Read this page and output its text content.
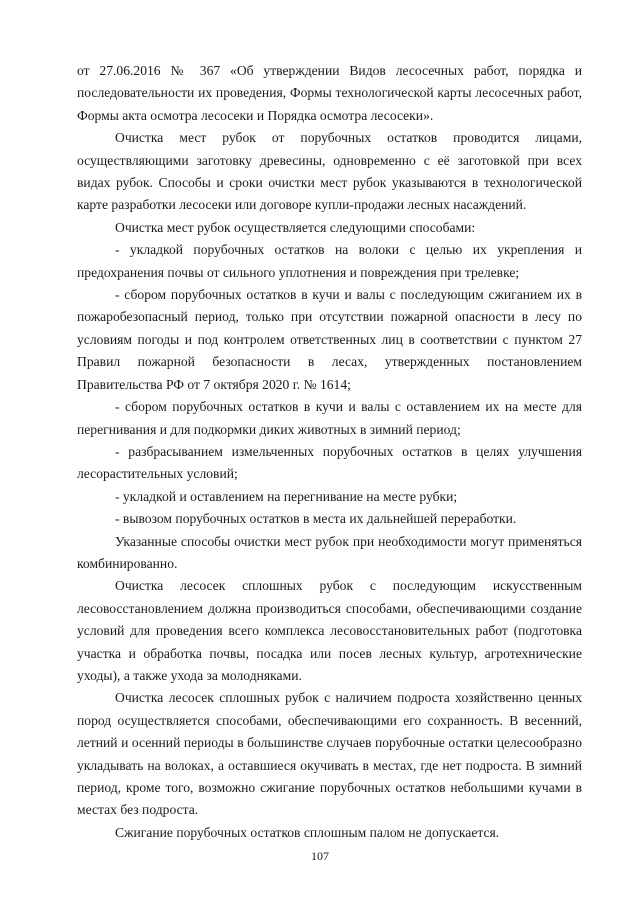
от 27.06.2016 № 367 «Об утверждении Видов лесосечных работ, порядка и последовательности их проведения, Формы технологической карты лесосечных работ, Формы акта осмотра лесосеки и Порядка осмотра лесосеки».

Очистка мест рубок от порубочных остатков проводится лицами, осуществляющими заготовку древесины, одновременно с её заготовкой при всех видах рубок. Способы и сроки очистки мест рубок указываются в технологической карте разработки лесосеки или договоре купли-продажи лесных насаждений.

Очистка мест рубок осуществляется следующими способами:

- укладкой порубочных остатков на волоки с целью их укрепления и предохранения почвы от сильного уплотнения и повреждения при трелевке;

- сбором порубочных остатков в кучи и валы с последующим сжиганием их в пожаробезопасный период, только при отсутствии пожарной опасности в лесу по условиям погоды и под контролем ответственных лиц в соответствии с пунктом 27 Правил пожарной безопасности в лесах, утвержденных постановлением Правительства РФ от 7 октября 2020 г. № 1614;

- сбором порубочных остатков в кучи и валы с оставлением их на месте для перегнивания и для подкормки диких животных в зимний период;

- разбрасыванием измельченных порубочных остатков в целях улучшения лесорастительных условий;

- укладкой и оставлением на перегнивание на месте рубки;

- вывозом порубочных остатков в места их дальнейшей переработки.

Указанные способы очистки мест рубок при необходимости могут применяться комбинированно.

Очистка лесосек сплошных рубок с последующим искусственным лесовосстановлением должна производиться способами, обеспечивающими создание условий для проведения всего комплекса лесовосстановительных работ (подготовка участка и обработка почвы, посадка или посев лесных культур, агротехнические уходы), а также ухода за молодняками.

Очистка лесосек сплошных рубок с наличием подроста хозяйственно ценных пород осуществляется способами, обеспечивающими его сохранность. В весенний, летний и осенний периоды в большинстве случаев порубочные остатки целесообразно укладывать на волоках, а оставшиеся окучивать в местах, где нет подроста. В зимний период, кроме того, возможно сжигание порубочных остатков небольшими кучами в местах без подроста.

Сжигание порубочных остатков сплошным палом не допускается.

107
